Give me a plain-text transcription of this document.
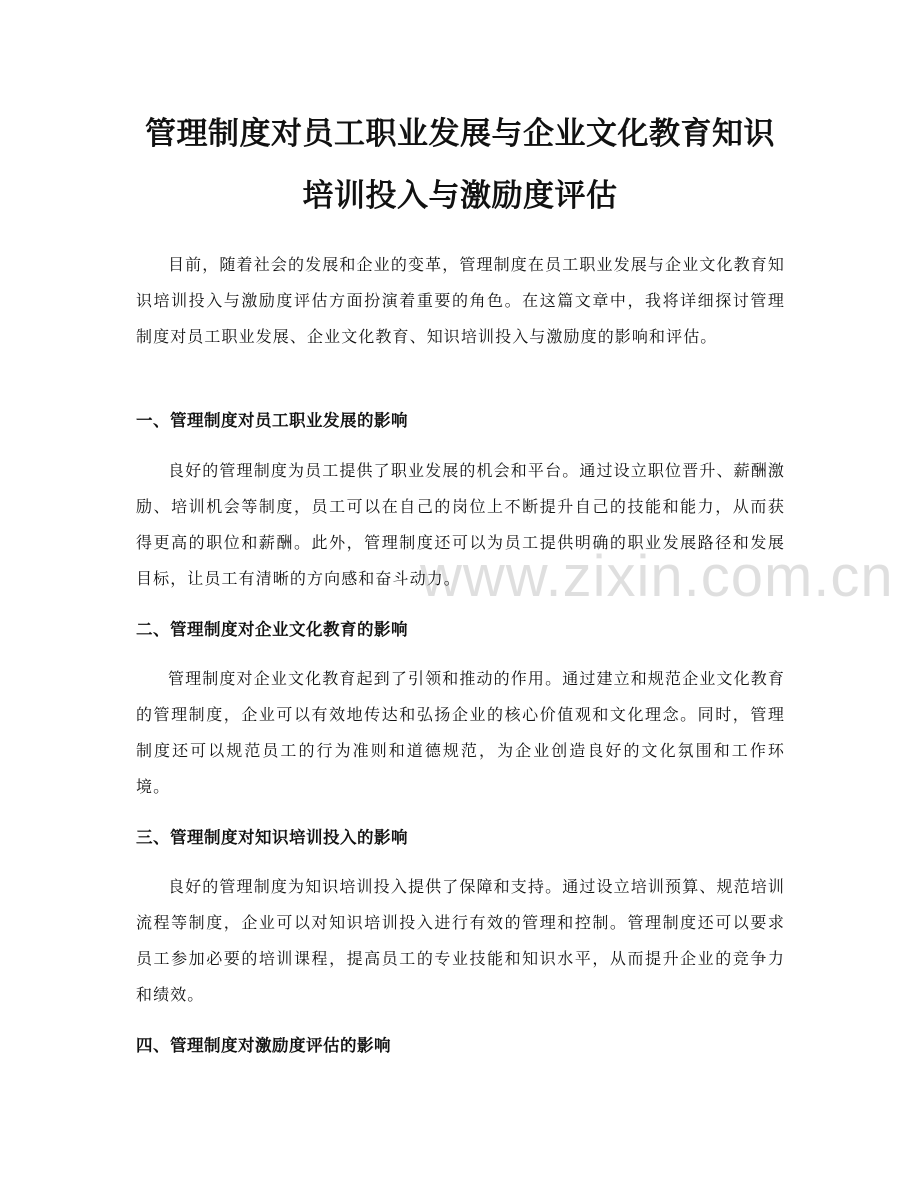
管理制度对员工职业发展与企业文化教育知识培训投入与激励度评估

目前，随着社会的发展和企业的变革，管理制度在员工职业发展与企业文化教育知识培训投入与激励度评估方面扮演着重要的角色。在这篇文章中，我将详细探讨管理制度对员工职业发展、企业文化教育、知识培训投入与激励度的影响和评估。

一、管理制度对员工职业发展的影响

良好的管理制度为员工提供了职业发展的机会和平台。通过设立职位晋升、薪酬激励、培训机会等制度，员工可以在自己的岗位上不断提升自己的技能和能力，从而获得更高的职位和薪酬。此外，管理制度还可以为员工提供明确的职业发展路径和发展目标，让员工有清晰的方向感和奋斗动力。

二、管理制度对企业文化教育的影响

管理制度对企业文化教育起到了引领和推动的作用。通过建立和规范企业文化教育的管理制度，企业可以有效地传达和弘扬企业的核心价值观和文化理念。同时，管理制度还可以规范员工的行为准则和道德规范，为企业创造良好的文化氛围和工作环境。

三、管理制度对知识培训投入的影响

良好的管理制度为知识培训投入提供了保障和支持。通过设立培训预算、规范培训流程等制度，企业可以对知识培训投入进行有效的管理和控制。管理制度还可以要求员工参加必要的培训课程，提高员工的专业技能和知识水平，从而提升企业的竞争力和绩效。

四、管理制度对激励度评估的影响
www.zixin.com.cn
